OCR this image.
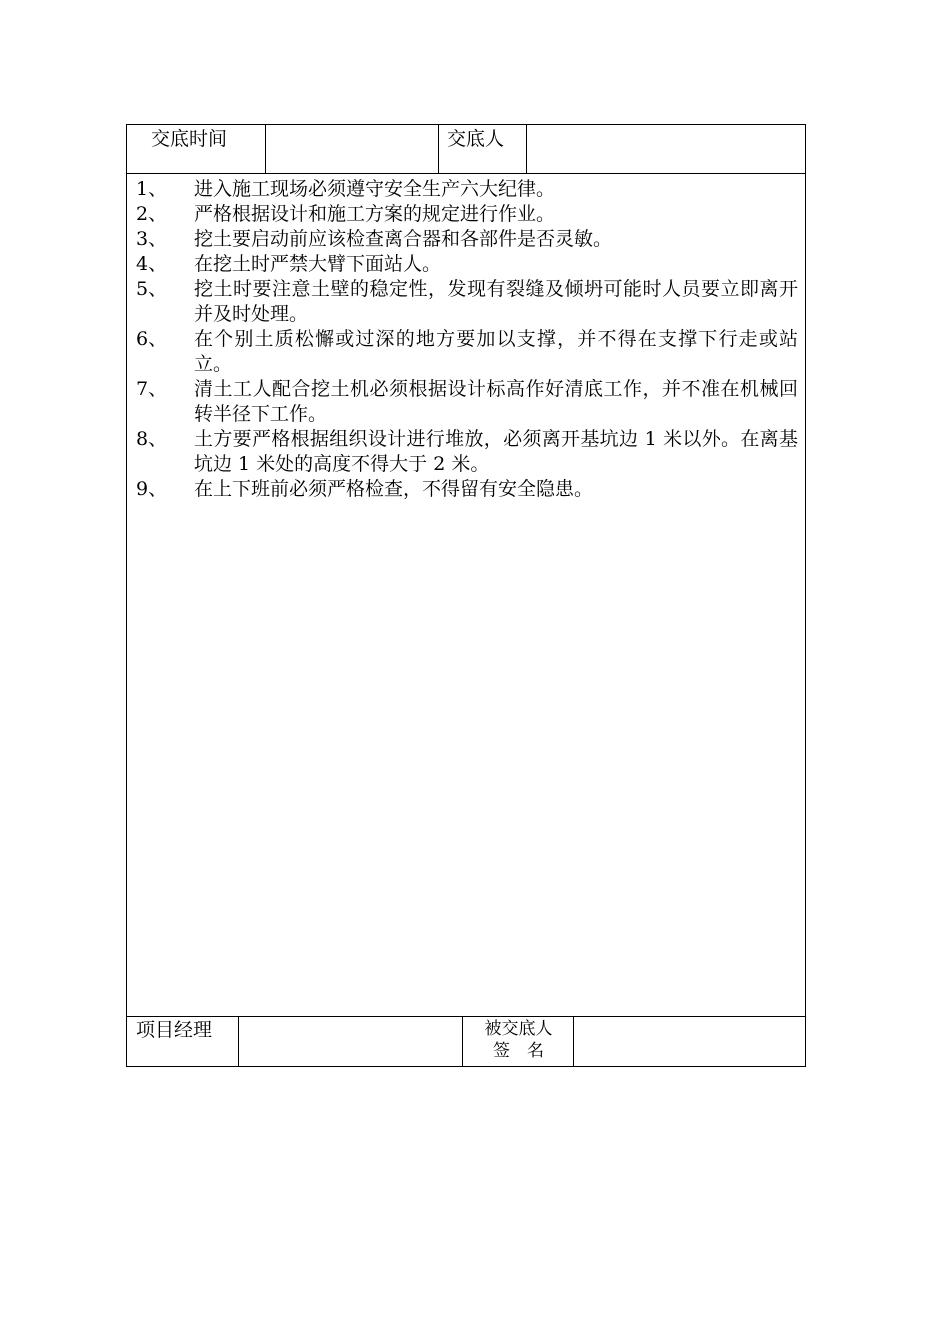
交底时间	交底人
1、	进入施工现场必须遵守安全生产六大纪律。
2、	严格根据设计和施工方案的规定进行作业。
3、	挖土要启动前应该检查离合器和各部件是否灵敏。
4、	在挖土时严禁大臂下面站人。
5、	挖土时要注意土壁的稳定性，发现有裂缝及倾坍可能时人员要立即离开并及时处理。
6、	在个别土质松懈或过深的地方要加以支撑，并不得在支撑下行走或站立。
7、	清土工人配合挖土机必须根据设计标高作好清底工作，并不准在机械回转半径下工作。
8、	土方要严格根据组织设计进行堆放，必须离开基坑边 1 米以外。在离基坑边 1 米处的高度不得大于 2 米。
9、	在上下班前必须严格检查，不得留有安全隐患。
项目经理	被交底人
签　名
